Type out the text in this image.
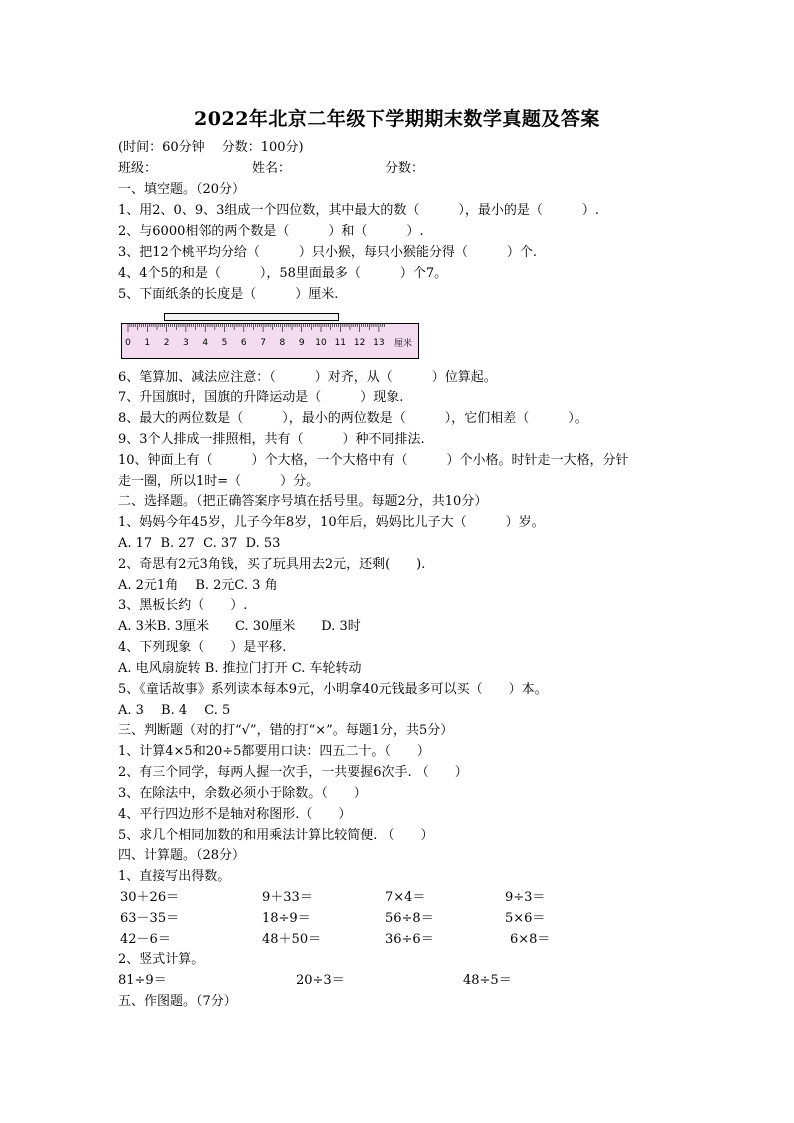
2022年北京二年级下学期期末数学真题及答案
(时间：60分钟　 分数：100分)
班级：	姓名：	分数：
一、填空题。（20分）
1、用2、0、9、3组成一个四位数，其中最大的数（　　　），最小的是（　　　）.
2、与6000相邻的两个数是（　　　）和（　　　）.
3、把12个桃平均分给（　　　）只小猴，每只小猴能分得（　　　）个.
4、4个5的和是（　　　），58里面最多（　　　）个7。
5、下面纸条的长度是（　　　）厘米.
0 1 2 3 4 5 6 7 8 9 10 11 12 13 厘米
6、笔算加、减法应注意：（　　　）对齐，从（　　　）位算起。
7、升国旗时，国旗的升降运动是（　　　）现象.
8、最大的两位数是（　　　），最小的两位数是（　　　），它们相差（　　　）。
9、3个人排成一排照相，共有（　　　）种不同排法.
10、钟面上有（　　　）个大格，一个大格中有（　　　）个小格。时针走一大格，分针
走一圈，所以1时=（　　　）分。
二、选择题。（把正确答案序号填在括号里。每题2分，共10分）
1、妈妈今年45岁，儿子今年8岁，10年后，妈妈比儿子大（　　　）岁。
A. 17  B. 27  C. 37  D. 53
2、奇思有2元3角钱，买了玩具用去2元，还剩(　　).
A. 2元1角　 B. 2元C. 3 角
3、黑板长约（　　）.
A. 3米B. 3厘米　　C. 30厘米　　D. 3时
4、下列现象（　　）是平移.
A. 电风扇旋转 B. 推拉门打开 C. 车轮转动
5、《童话故事》系列读本每本9元，小明拿40元钱最多可以买（　　）本。
A. 3　 B. 4　 C. 5
三、判断题（对的打“√”，错的打“×”。每题1分，共5分）
1、计算4×5和20÷5都要用口诀：四五二十。（　　）
2、有三个同学，每两人握一次手，一共要握6次手. （　　）
3、在除法中，余数必须小于除数。（　　）
4、平行四边形不是轴对称图形.（　　）
5、求几个相同加数的和用乘法计算比较简便. （　　）
四、计算题。（28分）
1、直接写出得数。
30＋26＝	9＋33＝	7×4＝	9÷3＝
63－35＝	18÷9＝	56÷8＝	5×6＝
42－6＝	48＋50＝	36÷6＝	6×8＝
2、竖式计算。
81÷9＝	20÷3＝	48÷5＝
五、作图题。（7分）
